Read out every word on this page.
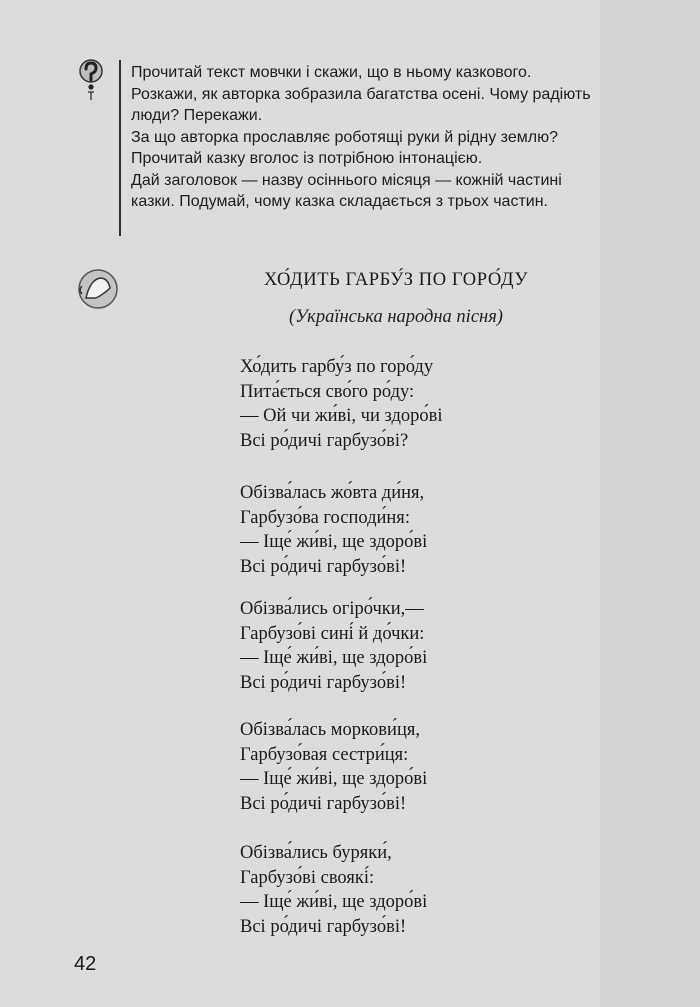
Прочитай текст мовчки і скажи, що в ньому казкового.
Розкажи, як авторка зобразила багатства осені. Чому радіють
люди? Перекажи.
За що авторка прославляє роботящі руки й рідну землю?
Прочитай казку вголос із потрібною інтонацією.
Дай заголовок — назву осіннього місяця — кожній частині
казки. Подумай, чому казка складається з трьох частин.
ХО́ДИТЬ ГАРБУ́З ПО ГОРО́ДУ
(Українська народна пісня)
Хо́дить гарбу́з по горо́ду
Пита́ється сво́го ро́ду:
— Ой чи жи́ві, чи здоро́ві
Всі ро́дичі гарбузо́ві?
Обізва́лась жо́вта ди́ня,
Гарбузо́ва господи́ня:
— Іще́ жи́ві, ще здоро́ві
Всі ро́дичі гарбузо́ві!
Обізва́лись огіро́чки,—
Гарбузо́ві сині́ й до́чки:
— Іще́ жи́ві, ще здоро́ві
Всі ро́дичі гарбузо́ві!
Обізва́лась моркови́ця,
Гарбузо́вая сестри́ця:
— Іще́ жи́ві, ще здоро́ві
Всі ро́дичі гарбузо́ві!
Обізва́лись буряки́,
Гарбузо́ві своякі́:
— Іще́ жи́ві, ще здоро́ві
Всі ро́дичі гарбузо́ві!
42
